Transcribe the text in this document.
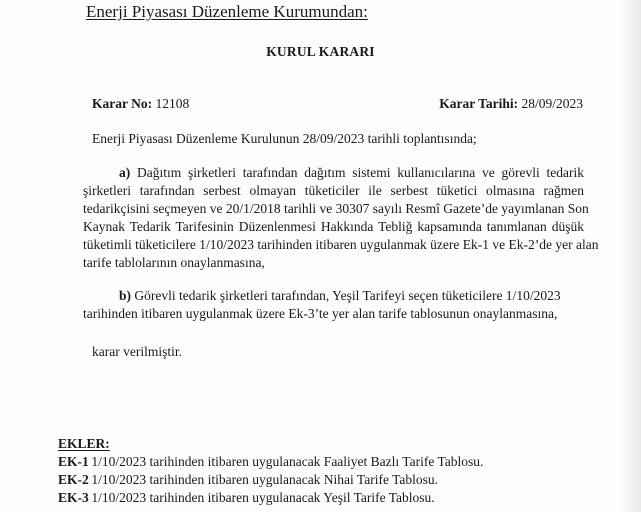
Enerji Piyasası Düzenleme Kurumundan:
KURUL KARARI
Karar No: 12108	Karar Tarihi: 28/09/2023
Enerji Piyasası Düzenleme Kurulunun 28/09/2023 tarihli toplantısında;
a) Dağıtım şirketleri tarafından dağıtım sistemi kullanıcılarına ve görevli tedarik
şirketleri tarafından serbest olmayan tüketiciler ile serbest tüketici olmasına rağmen
tedarikçisini seçmeyen ve 20/1/2018 tarihli ve 30307 sayılı Resmî Gazete’de yayımlanan Son
Kaynak Tedarik Tarifesinin Düzenlenmesi Hakkında Tebliğ kapsamında tanımlanan düşük
tüketimli tüketicilere 1/10/2023 tarihinden itibaren uygulanmak üzere Ek-1 ve Ek-2’de yer alan
tarife tablolarının onaylanmasına,
b) Görevli tedarik şirketleri tarafından, Yeşil Tarifeyi seçen tüketicilere 1/10/2023
tarihinden itibaren uygulanmak üzere Ek-3’te yer alan tarife tablosunun onaylanmasına,
karar verilmiştir.
EKLER:
EK-1 1/10/2023 tarihinden itibaren uygulanacak Faaliyet Bazlı Tarife Tablosu.
EK-2 1/10/2023 tarihinden itibaren uygulanacak Nihai Tarife Tablosu.
EK-3 1/10/2023 tarihinden itibaren uygulanacak Yeşil Tarife Tablosu.
